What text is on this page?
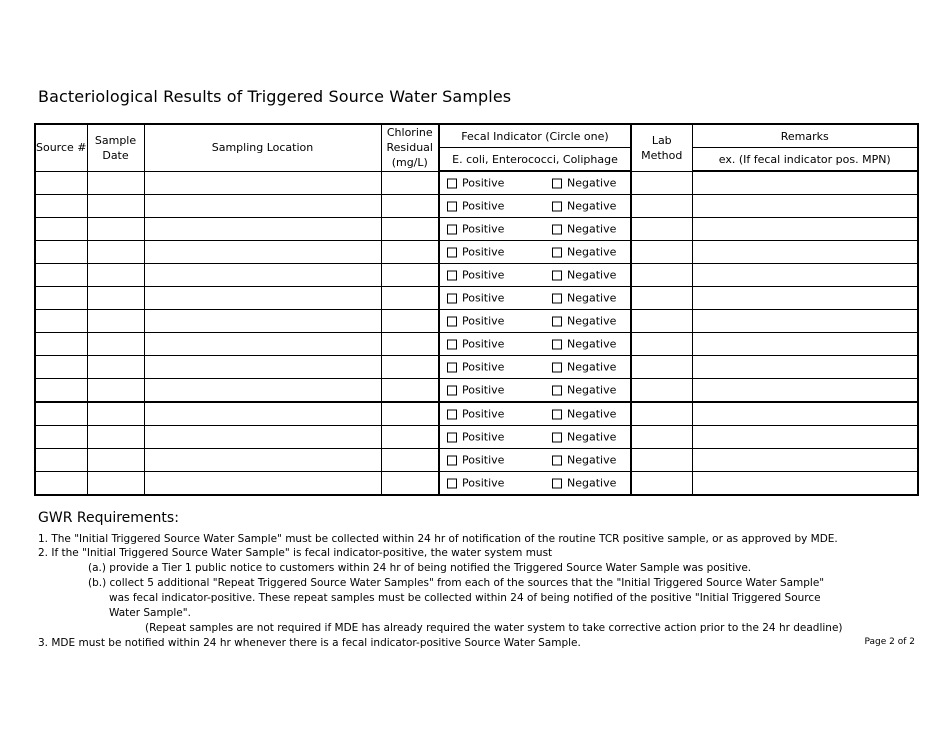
Bacteriological Results of Triggered Source Water Samples
Source #	Sample Date	Sampling Location	Chlorine Residual (mg/L)	Fecal Indicator (Circle one)	Lab Method	Remarks
				E. coli, Enterococci, Coliphage		ex. (If fecal indicator pos. MPN)

				Positive Negative		

				Positive Negative		

				Positive Negative		

				Positive Negative		

				Positive Negative		

				Positive Negative		

				Positive Negative		

				Positive Negative		

				Positive Negative		

				Positive Negative		

				Positive Negative		

				Positive Negative		

				Positive Negative		

				Positive Negative		

GWR Requirements:
1. The "Initial Triggered Source Water Sample" must be collected within 24 hr of notification of the routine TCR positive sample, or as approved by MDE.
2. If the "Initial Triggered Source Water Sample" is fecal indicator-positive, the water system must
(a.) provide a Tier 1 public notice to customers within 24 hr of being notified the Triggered Source Water Sample was positive.
(b.) collect 5 additional "Repeat Triggered Source Water Samples" from each of the sources that the "Initial Triggered Source Water Sample"
was fecal indicator-positive. These repeat samples must be collected within 24 of being notified of the positive "Initial Triggered Source
Water Sample".
(Repeat samples are not required if MDE has already required the water system to take corrective action prior to the 24 hr deadline)
3. MDE must be notified within 24 hr whenever there is a fecal indicator-positive Source Water Sample.	Page 2 of 2
